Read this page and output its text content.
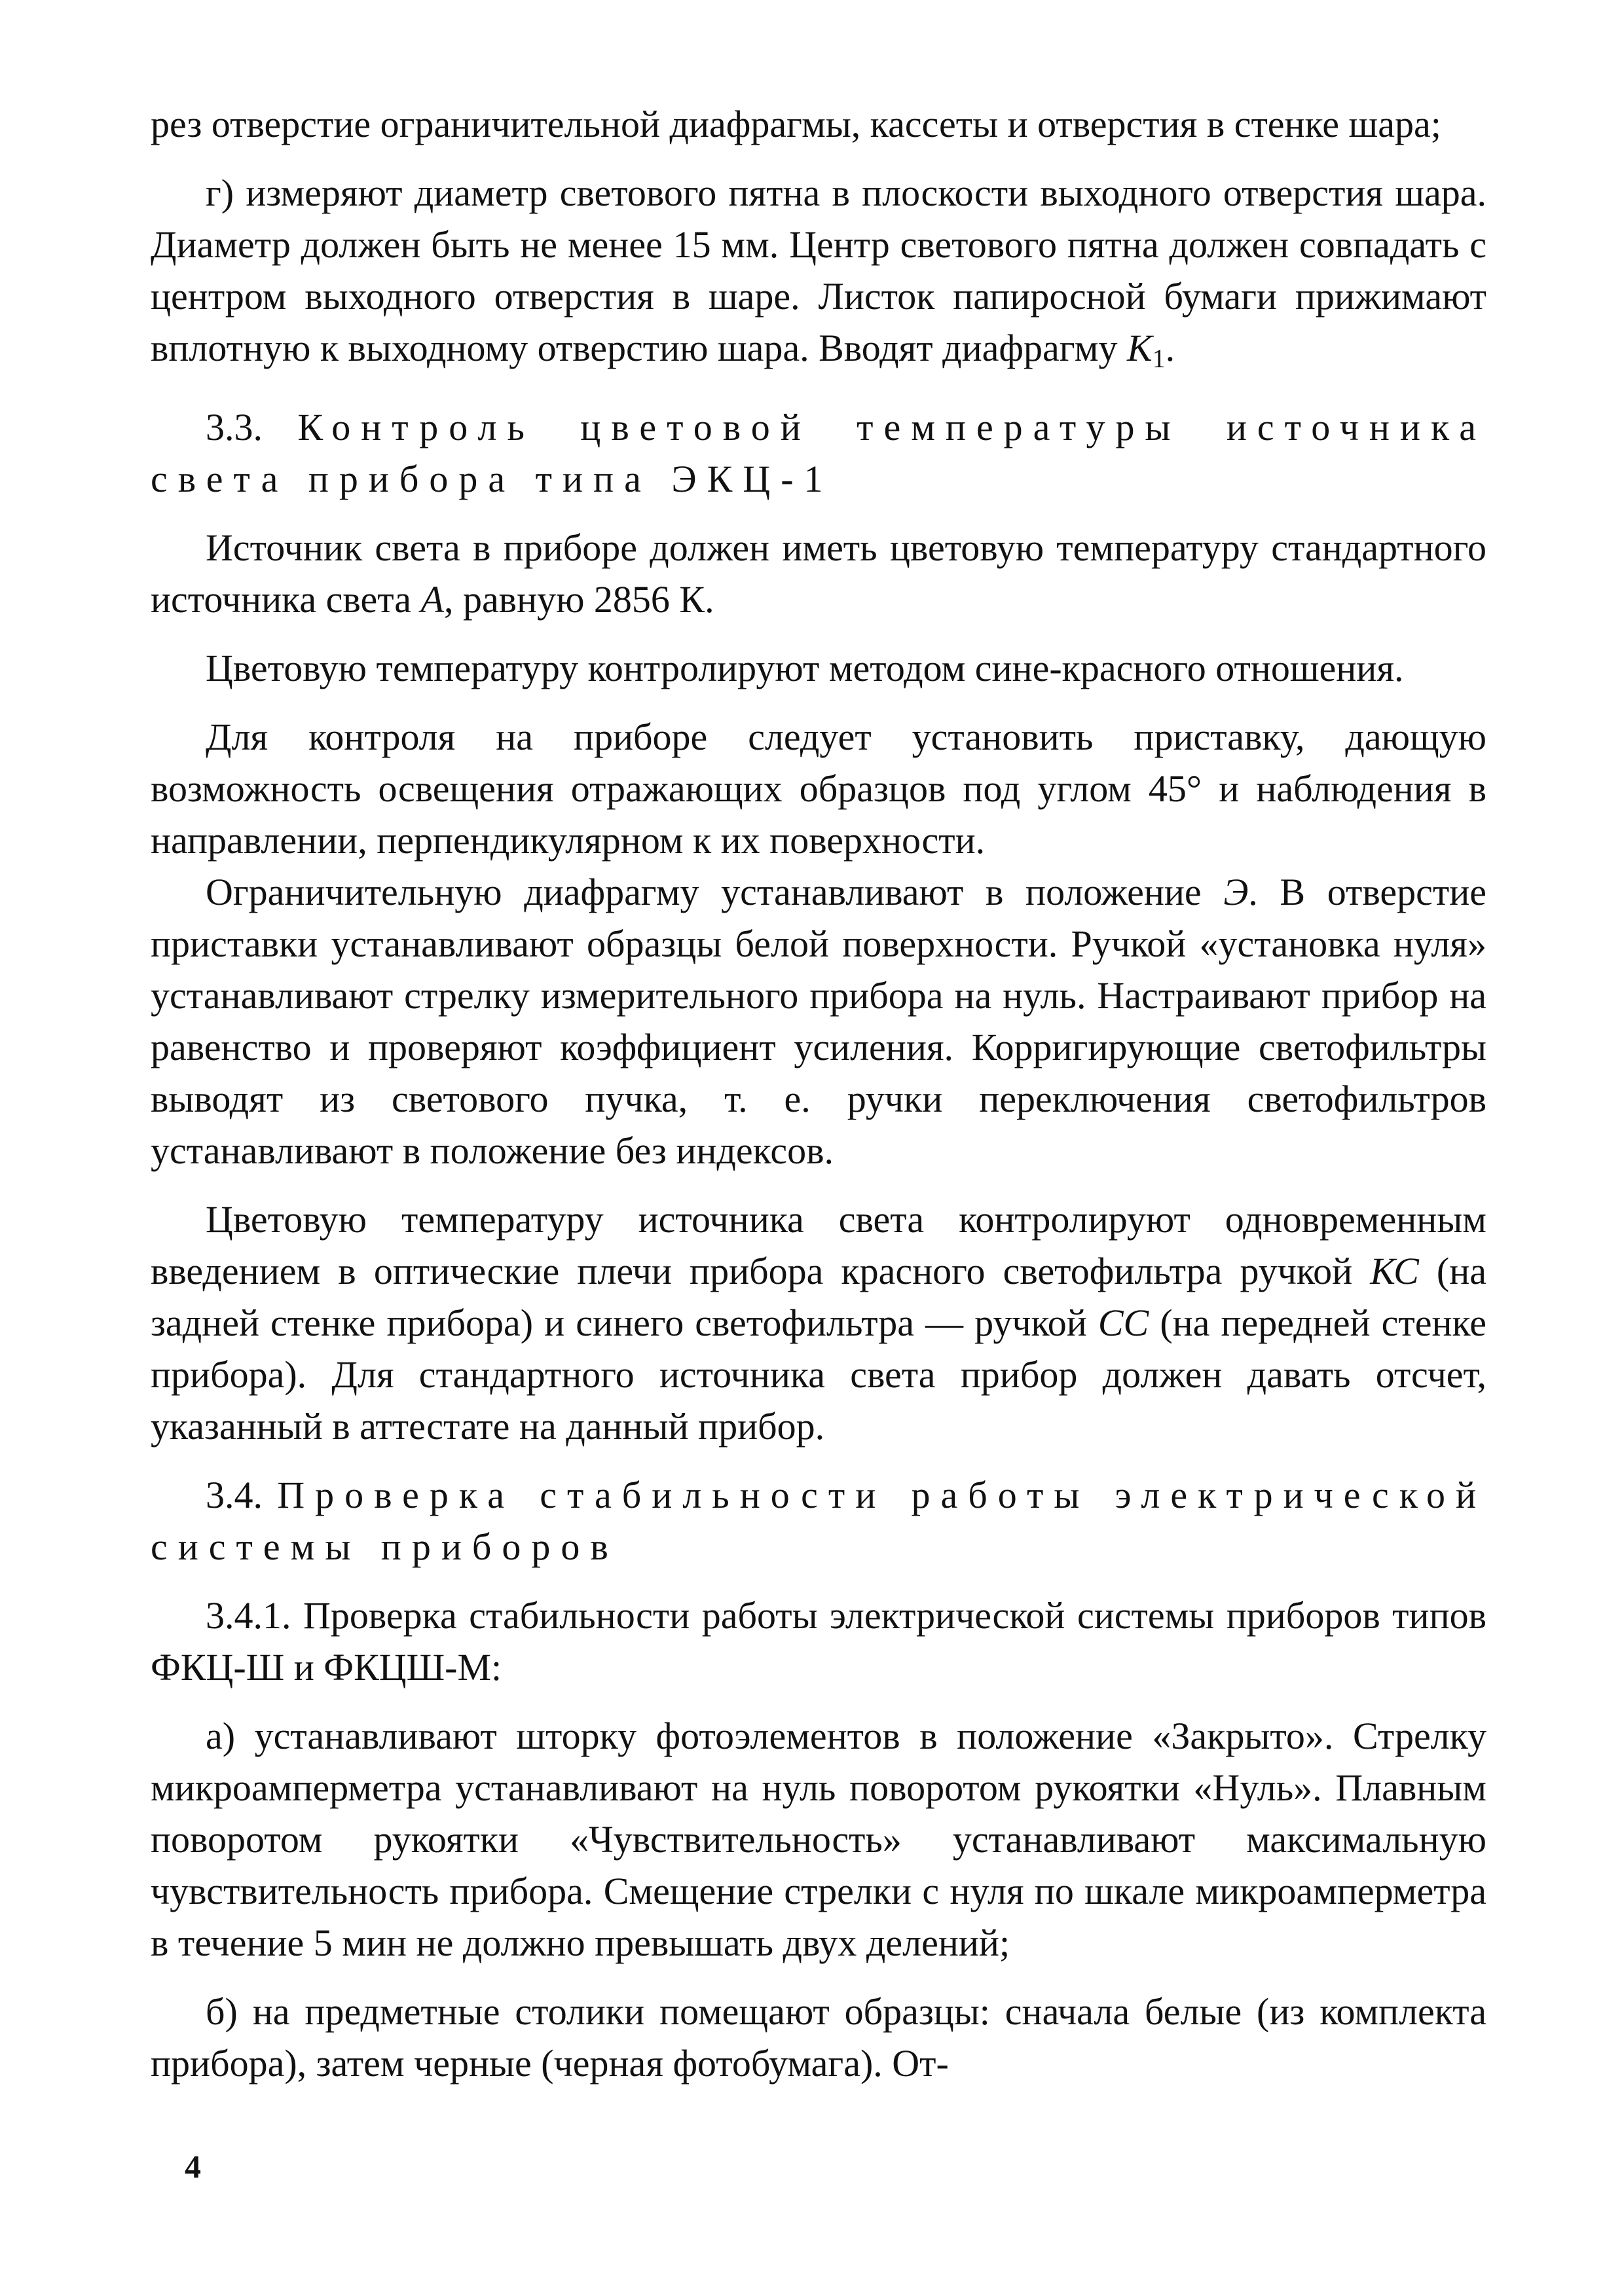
рез отверстие ограничительной диафрагмы, кассеты и отверстия в стенке шара;

г) измеряют диаметр светового пятна в плоскости выходного отверстия шара. Диаметр должен быть не менее 15 мм. Центр светового пятна должен совпадать с центром выходного отверстия в шаре. Листок папиросной бумаги прижимают вплотную к выходному отверстию шара. Вводят диафрагму $K_1$.

3.3. Контроль цветовой температуры источника света прибора типа ЭКЦ-1

Источник света в приборе должен иметь цветовую температуру стандартного источника света A, равную 2856 К.

Цветовую температуру контролируют методом сине-красного отношения.

Для контроля на приборе следует установить приставку, дающую возможность освещения отражающих образцов под углом 45° и наблюдения в направлении, перпендикулярном к их поверхности.

Ограничительную диафрагму устанавливают в положение Э. В отверстие приставки устанавливают образцы белой поверхности. Ручкой «установка нуля» устанавливают стрелку измерительного прибора на нуль. Настраивают прибор на равенство и проверяют коэффициент усиления. Корригирующие светофильтры выводят из светового пучка, т. е. ручки переключения светофильтров устанавливают в положение без индексов.

Цветовую температуру источника света контролируют одновременным введением в оптические плечи прибора красного светофильтра ручкой КС (на задней стенке прибора) и синего светофильтра — ручкой СС (на передней стенке прибора). Для стандартного источника света прибор должен давать отсчет, указанный в аттестате на данный прибор.

3.4. Проверка стабильности работы электрической системы приборов

3.4.1. Проверка стабильности работы электрической системы приборов типов ФКЦ-Ш и ФКЦШ-М:

а) устанавливают шторку фотоэлементов в положение «Закрыто». Стрелку микроамперметра устанавливают на нуль поворотом рукоятки «Нуль». Плавным поворотом рукоятки «Чувствительность» устанавливают максимальную чувствительность прибора. Смещение стрелки с нуля по шкале микроамперметра в течение 5 мин не должно превышать двух делений;

б) на предметные столики помещают образцы: сначала белые (из комплекта прибора), затем черные (черная фотобумага). От-

4
